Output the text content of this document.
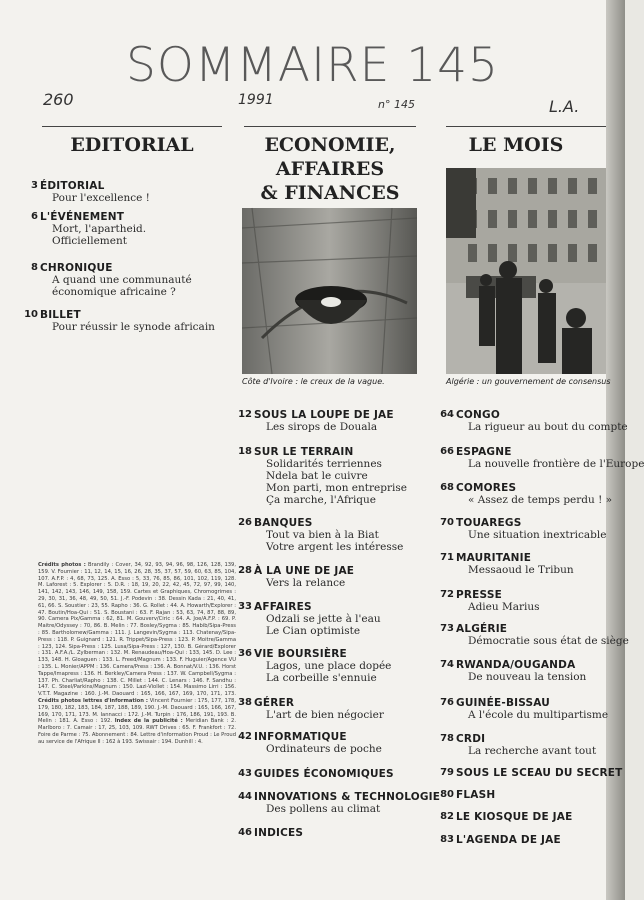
SOMMAIRE 145
260	1991	n° 145	L.A.
EDITORIAL	ECONOMIE,
AFFAIRES
& FINANCES
LE MOIS
Côte d'Ivoire : le creux de la vague.	Algérie : un gouvernement de consensus
3 ÉDITORIAL
Pour l'excellence !
6 L'ÉVÉNEMENT
Mort, l'apartheid.
Officiellement
8 CHRONIQUE
A quand une communauté
économique africaine ?
10 BILLET
Pour réussir le synode africain
12 SOUS LA LOUPE DE JAE
Les sirops de Douala
18 SUR LE TERRAIN
Solidarités terriennes
Ndela bat le cuivre
Mon parti, mon entreprise
Ça marche, l'Afrique
26 BANQUES
Tout va bien à la Biat
Votre argent les intéresse
28 À LA UNE DE JAE
Vers la relance
33 AFFAIRES
Odzali se jette à l'eau
Le Cian optimiste
36 VIE BOURSIÈRE
Lagos, une place dopée
La corbeille s'ennuie
38 GÉRER
L'art de bien négocier
42 INFORMATIQUE
Ordinateurs de poche
43 GUIDES ÉCONOMIQUES
44 INNOVATIONS & TECHNOLOGIE
Des pollens au climat
46 INDICES
64 CONGO
La rigueur au bout du compte
66 ESPAGNE
La nouvelle frontière de l'Europe
68 COMORES
« Assez de temps perdu ! »
70 TOUAREGS
Une situation inextricable
71 MAURITANIE
Messaoud le Tribun
72 PRESSE
Adieu Marius
73 ALGÉRIE
Démocratie sous état de siège
74 RWANDA/OUGANDA
De nouveau la tension
76 GUINÉE-BISSAU
A l'école du multipartisme
78 CRDI
La recherche avant tout
79 SOUS LE SCEAU DU SECRET
80 FLASH
82 LE KIOSQUE DE JAE
83 L'AGENDA DE JAE
Crédits photos : Brandily : Cover, 34, 92, 93, 94, 96, 98, 126, 128, 139, 159. V. Fournier : 11, 12, 14, 15, 16, 26, 28, 35, 37, 57, 59, 60, 63, 85, 104, 107. A.F.P. : 4, 68, 73, 125. A. Esso : 5, 33, 76, 85, 86, 101, 102, 119, 128. M. Laforest : 5. Explorer : 5. D.R. : 18, 19, 20, 22, 42, 45, 72, 97, 99, 140, 141, 142, 143, 146, 149, 158, 159. Cartes et Graphiques, Chromogrimes : 29, 30, 31, 36, 48, 49, 50, 51. J.-F. Podevin : 38. Dessin Kada : 21, 40, 41, 61, 66. S. Soustier : 23, 55. Rapho : 36. G. Rollet : 44. A. Howarth/Explorer : 47. Boutin/Hoa-Qui : 51. S. Boustani : 63. F. Rajan : 53, 63, 74, 87, 88, 89, 90. Camera Pix/Gamma : 62, 81. M. Gouverv/Ciric : 64. A. Joe/A.F.P. : 69. P. Maitre/Odyssey : 70, 86. B. Melin : 77. Bosley/Sygma : 85. Habib/Sipa-Press : 85. Bartholomew/Gamma : 111. J. Langevin/Sygma : 113. Chatenay/Sipa-Press : 118. P. Guignard : 121. R. Trippet/Sipa-Press : 123. P. Moitre/Gamma : 123, 124. Sipa-Press : 125. Lusa/Sipa-Press : 127, 130. B. Gérard/Explorer : 131. A.F.A./L. Zylberman : 132. M. Renaudeau/Hoa-Qui : 133, 145. D. Lee : 133, 148. H. Gloaguen : 133. L. Freed/Magnum : 133. F. Huguier/Agence VU : 135. L. Monier/APPM : 136. Camera/Press : 136. A. Bonnat/V.U. : 136. Horst Tappe/Imapress : 136. H. Berkley/Camera Press : 137. W. Campbell/Sygma : 137. Ph. Charliat/Rapho : 138. C. Millet : 144. C. Lenars : 146. F. Sandhu : 147. C. Steel/Parkins/Magnum : 150. Lazi-Viollet : 154. Massimo Lirri : 156. V.T.T. Magazine : 160. J.-M. Daouard : 165, 166, 167, 169, 170, 171, 173. Crédits photos lettres d'information : Vincent Fournier : 175, 177, 178, 179, 180, 182, 183, 184, 187, 188, 189, 190. J.-M. Daouard : 165, 166, 167, 169, 170, 171, 173. M. Iannacci : 172. J.-M. Turpin : 176, 186, 191, 193. B. Melin : 181. A. Esso : 192. Index de la publicité : Meridian Bank : 2. Marlboro : 7. Camair : 17, 25, 103, 109. RWT Drives : 65. F. Frankfort : 72. Foire de Parme : 75. Abonnement : 84. Lettre d'information Proud : Le Proud au service de l'Afrique II : 162 à 193. Swissair : 194. Dunhill : 4.
